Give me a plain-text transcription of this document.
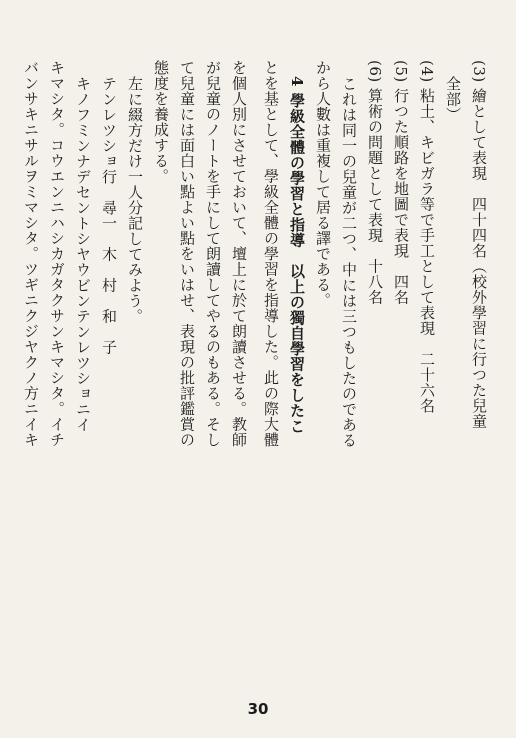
(3) 繪として表現　四十四名（校外學習に行つた兒童
全部）
(4) 粘土、キビガラ等で手工として表現　二十六名
(5) 行つた順路を地圖で表現　四名
(6) 算術の問題として表現　十八名
これは同一の兒童が二つ、中には三つもしたのである
から人數は重複して居る譯である。
4 學級全體の學習と指導　以上の獨自學習をしたこ
とを基として、學級全體の學習を指導した。此の際大體
を個人別にさせておいて、壇上に於て朗讀させる。教師
が兒童のノートを手にして朗讀してやるのもある。そし
て兒童には面白い點よい點をいはせ、表現の批評鑑賞の
態度を養成する。
左に綴方だけ一人分記してみよう。
テンレツショ行　尋一　木　村　和　子
キノフミンナデセントシヤウビンテンレツショニイ
キマシタ。コウエンニハシカガタクサンキマシタ。イチ
バンサキニサルヲミマシタ。ツギニクジヤクノ方ニイキ
30
